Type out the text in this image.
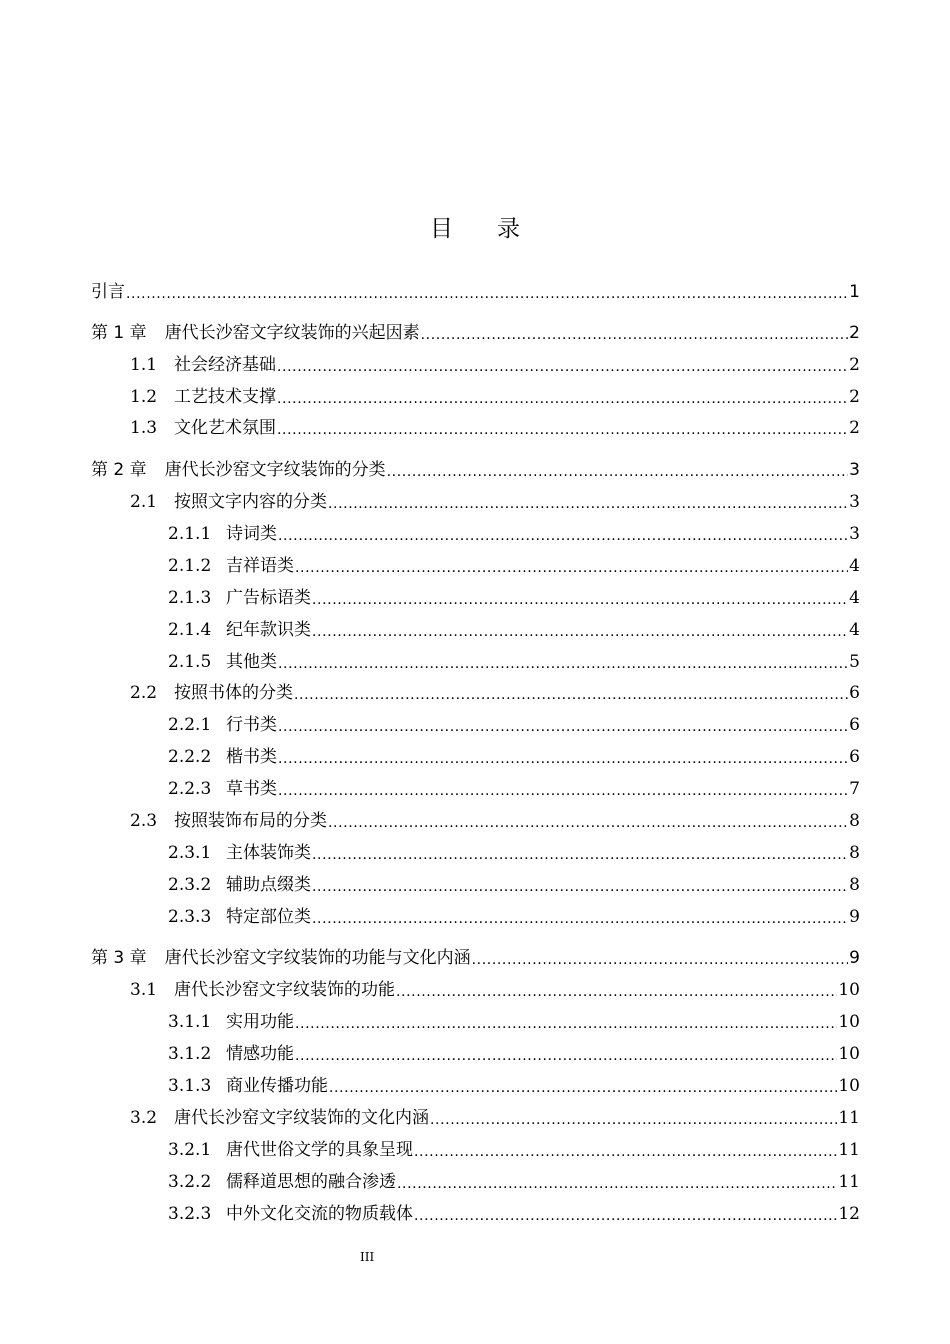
目 录
引言 .....	1
第 1 章 唐代长沙窑文字纹装饰的兴起因素 .....	2
1.1 社会经济基础 .....	2
1.2 工艺技术支撑 .....	2
1.3 文化艺术氛围 .....	2
第 2 章 唐代长沙窑文字纹装饰的分类 .....	3
2.1 按照文字内容的分类 .....	3
2.1.1 诗词类 .....	3
2.1.2 吉祥语类 .....	4
2.1.3 广告标语类 .....	4
2.1.4 纪年款识类 .....	4
2.1.5 其他类 .....	5
2.2 按照书体的分类 .....	6
2.2.1 行书类 .....	6
2.2.2 楷书类 .....	6
2.2.3 草书类 .....	7
2.3 按照装饰布局的分类 .....	8
2.3.1 主体装饰类 .....	8
2.3.2 辅助点缀类 .....	8
2.3.3 特定部位类 .....	9
第 3 章 唐代长沙窑文字纹装饰的功能与文化内涵 .....	9
3.1 唐代长沙窑文字纹装饰的功能 .....	10
3.1.1 实用功能 .....	10
3.1.2 情感功能 .....	10
3.1.3 商业传播功能 .....	10
3.2 唐代长沙窑文字纹装饰的文化内涵 .....	11
3.2.1 唐代世俗文学的具象呈现 .....	11
3.2.2 儒释道思想的融合渗透 .....	11
3.2.3 中外文化交流的物质载体 .....	12
III
